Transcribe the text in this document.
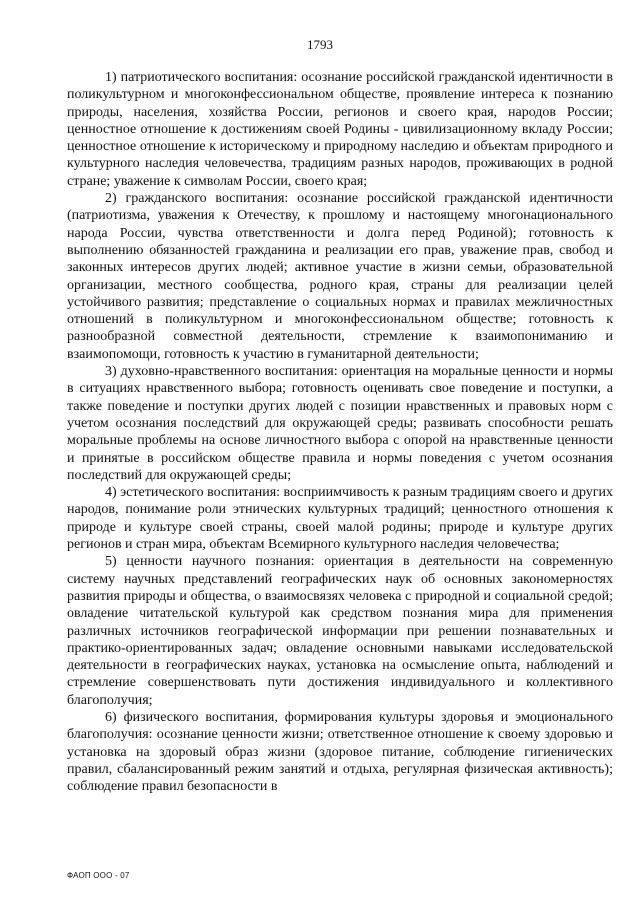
1793

1) патриотического воспитания: осознание российской гражданской идентичности в поликультурном и многоконфессиональном обществе, проявление интереса к познанию природы, населения, хозяйства России, регионов и своего края, народов России; ценностное отношение к достижениям своей Родины - цивилизационному вкладу России; ценностное отношение к историческому и природному наследию и объектам природного и культурного наследия человечества, традициям разных народов, проживающих в родной стране; уважение к символам России, своего края;

2) гражданского воспитания: осознание российской гражданской идентичности (патриотизма, уважения к Отечеству, к прошлому и настоящему многонационального народа России, чувства ответственности и долга перед Родиной); готовность к выполнению обязанностей гражданина и реализации его прав, уважение прав, свобод и законных интересов других людей; активное участие в жизни семьи, образовательной организации, местного сообщества, родного края, страны для реализации целей устойчивого развития; представление о социальных нормах и правилах межличностных отношений в поликультурном и многоконфессиональном обществе; готовность к разнообразной совместной деятельности, стремление к взаимопониманию и взаимопомощи, готовность к участию в гуманитарной деятельности;

3) духовно-нравственного воспитания: ориентация на моральные ценности и нормы в ситуациях нравственного выбора; готовность оценивать свое поведение и поступки, а также поведение и поступки других людей с позиции нравственных и правовых норм с учетом осознания последствий для окружающей среды; развивать способности решать моральные проблемы на основе личностного выбора с опорой на нравственные ценности и принятые в российском обществе правила и нормы поведения с учетом осознания последствий для окружающей среды;

4) эстетического воспитания: восприимчивость к разным традициям своего и других народов, понимание роли этнических культурных традиций; ценностного отношения к природе и культуре своей страны, своей малой родины; природе и культуре других регионов и стран мира, объектам Всемирного культурного наследия человечества;

5) ценности научного познания: ориентация в деятельности на современную систему научных представлений географических наук об основных закономерностях развития природы и общества, о взаимосвязях человека с природной и социальной средой; овладение читательской культурой как средством познания мира для применения различных источников географической информации при решении познавательных и практико-ориентированных задач; овладение основными навыками исследовательской деятельности в географических науках, установка на осмысление опыта, наблюдений и стремление совершенствовать пути достижения индивидуального и коллективного благополучия;

6) физического воспитания, формирования культуры здоровья и эмоционального благополучия: осознание ценности жизни; ответственное отношение к своему здоровью и установка на здоровый образ жизни (здоровое питание, соблюдение гигиенических правил, сбалансированный режим занятий и отдыха, регулярная физическая активность); соблюдение правил безопасности в

ФАОП ООО - 07
